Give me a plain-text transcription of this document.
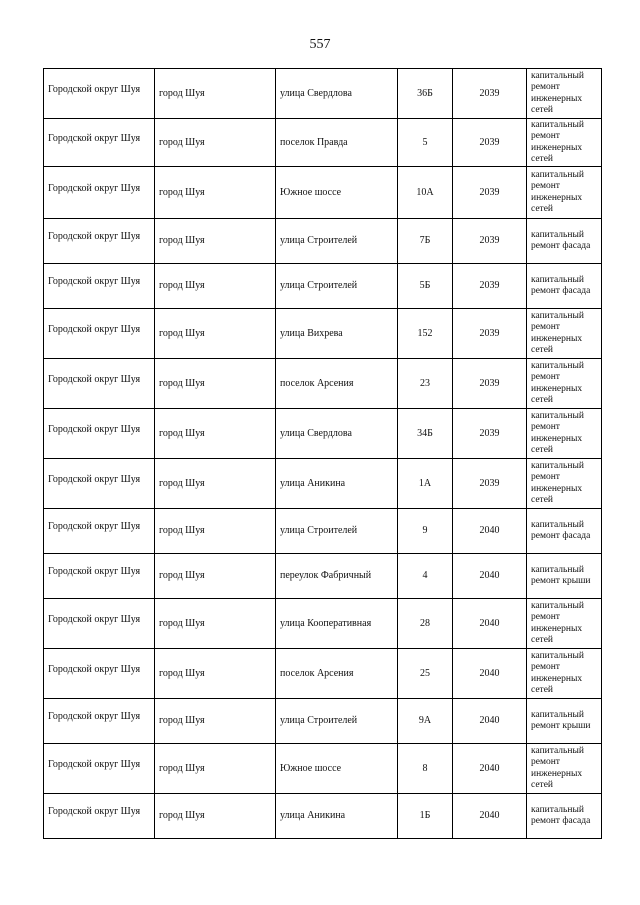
557
Городской округ Шуя	город Шуя	улица Свердлова	36Б	2039	капитальный ремонт инженерных сетей

Городской округ Шуя	город Шуя	поселок Правда	5	2039	капитальный ремонт инженерных сетей

Городской округ Шуя	город Шуя	Южное шоссе	10А	2039	капитальный ремонт инженерных сетей

Городской округ Шуя	город Шуя	улица Строителей	7Б	2039	капитальный ремонт фасада

Городской округ Шуя	город Шуя	улица Строителей	5Б	2039	капитальный ремонт фасада

Городской округ Шуя	город Шуя	улица Вихрева	152	2039	капитальный ремонт инженерных сетей

Городской округ Шуя	город Шуя	поселок Арсения	23	2039	капитальный ремонт инженерных сетей

Городской округ Шуя	город Шуя	улица Свердлова	34Б	2039	капитальный ремонт инженерных сетей

Городской округ Шуя	город Шуя	улица Аникина	1А	2039	капитальный ремонт инженерных сетей

Городской округ Шуя	город Шуя	улица Строителей	9	2040	капитальный ремонт фасада

Городской округ Шуя	город Шуя	переулок Фабричный	4	2040	капитальный ремонт крыши

Городской округ Шуя	город Шуя	улица Кооперативная	28	2040	капитальный ремонт инженерных сетей

Городской округ Шуя	город Шуя	поселок Арсения	25	2040	капитальный ремонт инженерных сетей

Городской округ Шуя	город Шуя	улица Строителей	9А	2040	капитальный ремонт крыши

Городской округ Шуя	город Шуя	Южное шоссе	8	2040	капитальный ремонт инженерных сетей

Городской округ Шуя	город Шуя	улица Аникина	1Б	2040	капитальный ремонт фасада
